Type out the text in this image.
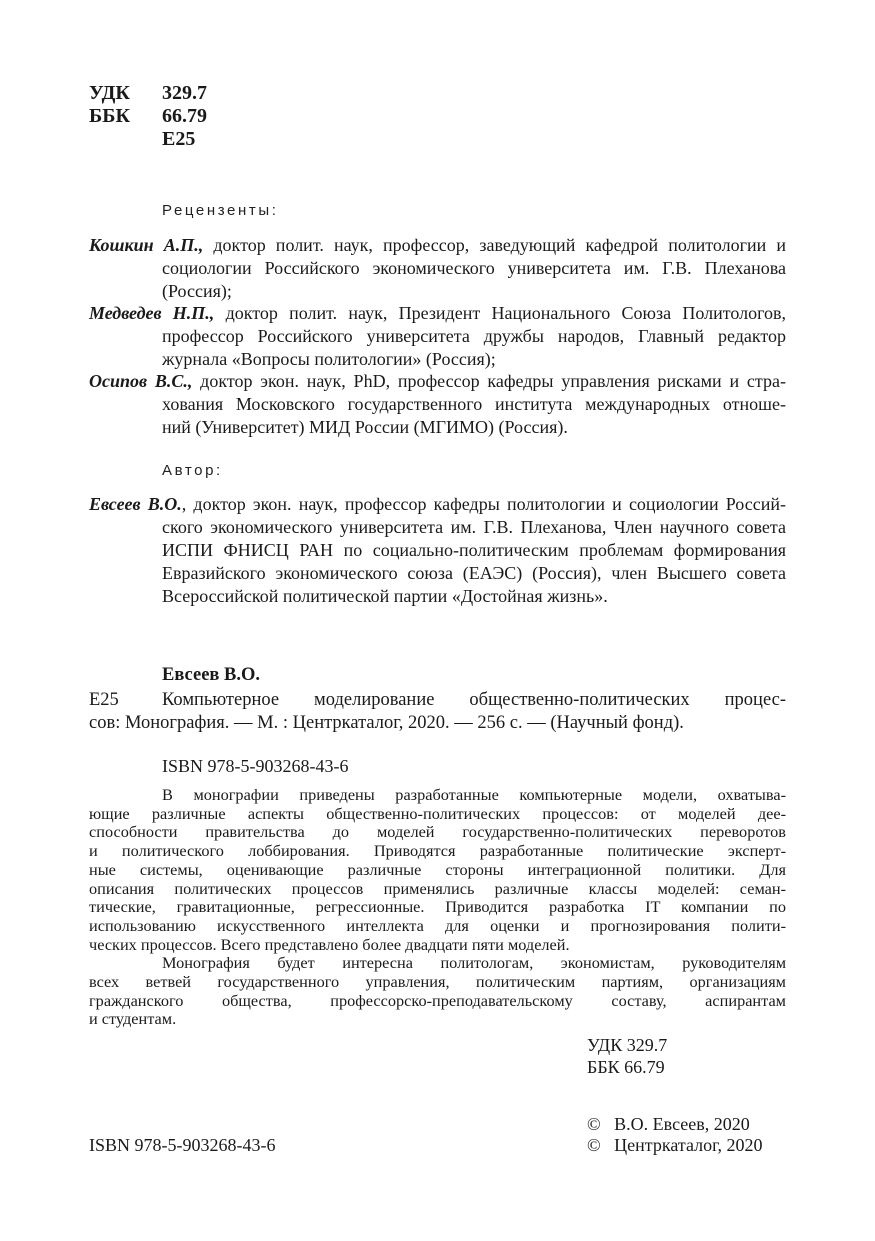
УДК	329.7
ББК	66.79
Е25
Рецензенты:
Кошкин А.П., доктор полит. наук, профессор, заведующий кафедрой политологии и
социологии Российского экономического университета им. Г.В. Плеханова
(Россия);
Медведев Н.П., доктор полит. наук, Президент Национального Союза Политологов,
профессор Российского университета дружбы народов, Главный редактор
журнала «Вопросы политологии» (Россия);
Осипов В.С., доктор экон. наук, PhD, профессор кафедры управления рисками и стра-
хования Московского государственного института международных отноше-
ний (Университет) МИД России (МГИМО) (Россия).
Автор:
Евсеев В.О., доктор экон. наук, профессор кафедры политологии и социологии Россий-
ского экономического университета им. Г.В. Плеханова, Член научного совета
ИСПИ ФНИСЦ РАН по социально-политическим проблемам формирования
Евразийского экономического союза (ЕАЭС) (Россия), член Высшего совета
Всероссийской политической партии «Достойная жизнь».
Евсеев В.О.
Е25	Компьютерное моделирование общественно-политических процес-
сов: Монография. — М. : Центркаталог, 2020. — 256 с. — (Научный фонд).
ISBN 978-5-903268-43-6
В монографии приведены разработанные компьютерные модели, охватыва-
ющие различные аспекты общественно-политических процессов: от моделей дее-
способности правительства до моделей государственно-политических переворотов
и политического лоббирования. Приводятся разработанные политические эксперт-
ные системы, оценивающие различные стороны интеграционной политики. Для
описания политических процессов применялись различные классы моделей: семан-
тические, гравитационные, регрессионные. Приводится разработка IT компании по
использованию искусственного интеллекта для оценки и прогнозирования полити-
ческих процессов. Всего представлено более двадцати пяти моделей.
Монография будет интересна политологам, экономистам, руководителям
всех ветвей государственного управления, политическим партиям, организациям
гражданского общества, профессорско-преподавательскому составу, аспирантам
и студентам.
УДК 329.7
ББК 66.79
ISBN 978-5-903268-43-6
©   В.О. Евсеев, 2020
©   Центркаталог, 2020
